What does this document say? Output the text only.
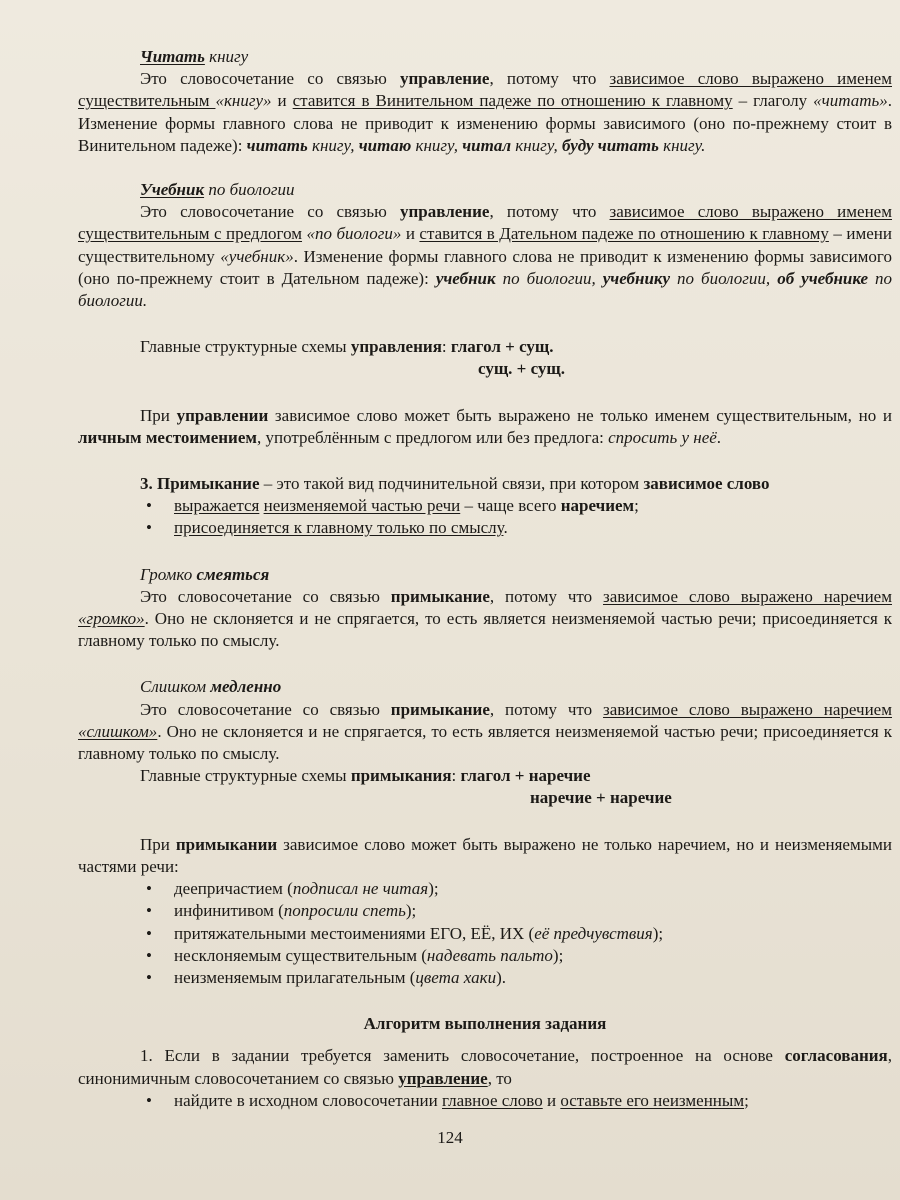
Читать книгу

Это словосочетание со связью управление, потому что зависимое слово выражено именем существительным «книгу» и ставится в Винительном падеже по отношению к главному – глаголу «читать». Изменение формы главного слова не приводит к изменению формы зависимого (оно по-прежнему стоит в Винительном падеже): читать книгу, читаю книгу, читал книгу, буду читать книгу.

Учебник по биологии

Это словосочетание со связью управление, потому что зависимое слово выражено именем существительным с предлогом «по биологи» и ставится в Дательном падеже по отношению к главному – имени существительному «учебник». Изменение формы главного слова не приводит к изменению формы зависимого (оно по-прежнему стоит в Дательном падеже): учебник по биологии, учебнику по биологии, об учебнике по биологии.

Главные структурные схемы управления: глагол + сущ.

сущ. + сущ.

При управлении зависимое слово может быть выражено не только именем существительным, но и личным местоимением, употреблённым с предлогом или без предлога: спросить у неё.

3. Примыкание – это такой вид подчинительной связи, при котором зависимое слово

• выражается неизменяемой частью речи – чаще всего наречием;
• присоединяется к главному только по смыслу.

Громко смеяться

Это словосочетание со связью примыкание, потому что зависимое слово выражено наречием «громко». Оно не склоняется и не спрягается, то есть является неизменяемой частью речи; присоединяется к главному только по смыслу.

Слишком медленно

Это словосочетание со связью примыкание, потому что зависимое слово выражено наречием «слишком». Оно не склоняется и не спрягается, то есть является неизменяемой частью речи; присоединяется к главному только по смыслу.

Главные структурные схемы примыкания: глагол + наречие

наречие + наречие

При примыкании зависимое слово может быть выражено не только наречием, но и неизменяемыми частями речи:

• деепричастием (подписал не читая);
• инфинитивом (попросили спеть);
• притяжательными местоимениями ЕГО, ЕЁ, ИХ (её предчувствия);
• несклоняемым существительным (надевать пальто);
• неизменяемым прилагательным (цвета хаки).

Алгоритм выполнения задания

1. Если в задании требуется заменить словосочетание, построенное на основе согласования, синонимичным словосочетанием со связью управление, то

• найдите в исходном словосочетании главное слово и оставьте его неизменным;
124
